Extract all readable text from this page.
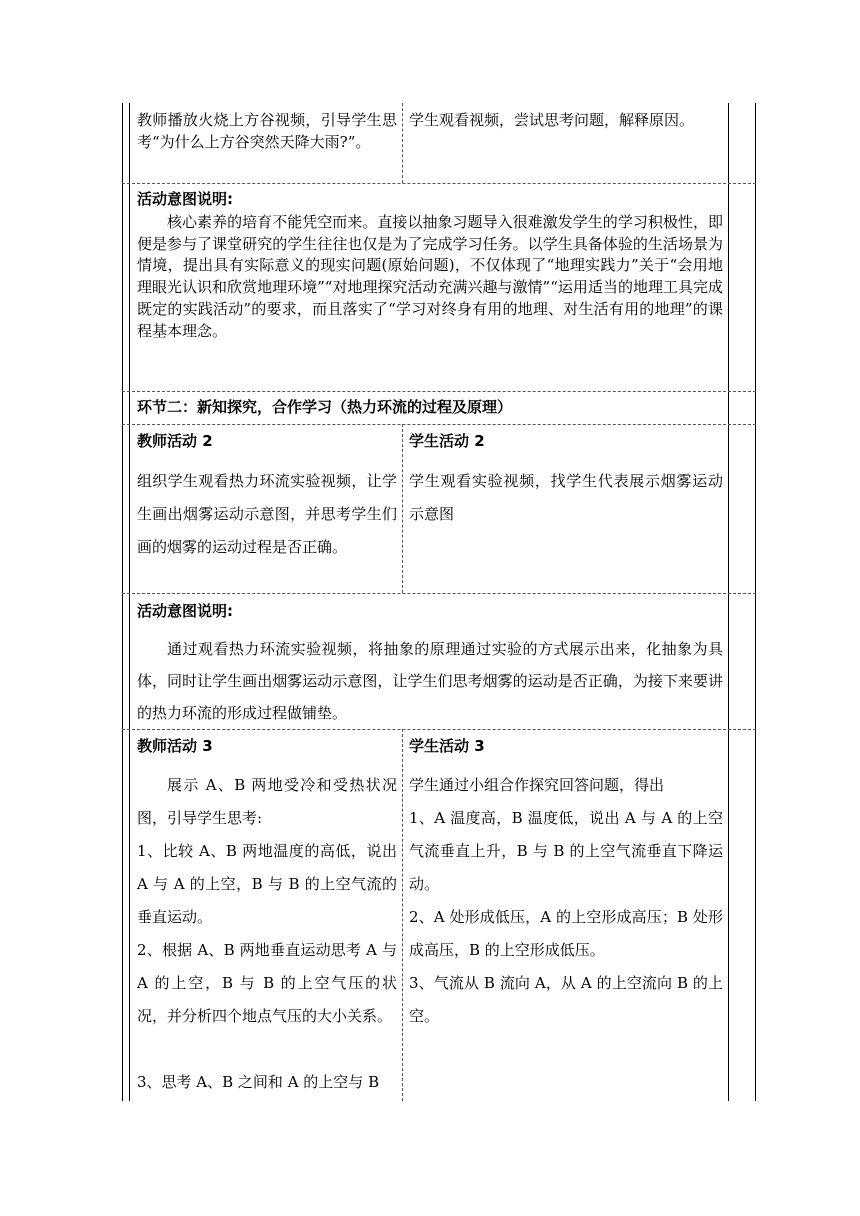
教师播放火烧上方谷视频，引导学生思考“为什么上方谷突然天降大雨?”。
学生观看视频，尝试思考问题，解释原因。
活动意图说明:
核心素养的培育不能凭空而来。直接以抽象习题导入很难激发学生的学习积极性，即便是参与了课堂研究的学生往往也仅是为了完成学习任务。以学生具备体验的生活场景为情境，提出具有实际意义的现实问题(原始问题)，不仅体现了“地理实践力”关于“会用地理眼光认识和欣赏地理环境”“对地理探究活动充满兴趣与激情”“运用适当的地理工具完成既定的实践活动”的要求，而且落实了“学习对终身有用的地理、对生活有用的地理”的课程基本理念。
环节二：新知探究，合作学习（热力环流的过程及原理）
教师活动 2
组织学生观看热力环流实验视频，让学生画出烟雾运动示意图，并思考学生们画的烟雾的运动过程是否正确。
学生活动 2
学生观看实验视频，找学生代表展示烟雾运动示意图
活动意图说明:
通过观看热力环流实验视频，将抽象的原理通过实验的方式展示出来，化抽象为具体，同时让学生画出烟雾运动示意图，让学生们思考烟雾的运动是否正确，为接下来要讲的热力环流的形成过程做铺垫。
教师活动 3
展示 A、B 两地受冷和受热状况图，引导学生思考:
1、比较 A、B 两地温度的高低，说出 A 与 A 的上空，B 与 B 的上空气流的垂直运动。
2、根据 A、B 两地垂直运动思考 A 与 A 的上空，B 与 B 的上空气压的状况，并分析四个地点气压的大小关系。
3、思考 A、B 之间和 A 的上空与 B
学生活动 3
学生通过小组合作探究回答问题，得出
1、A 温度高，B 温度低，说出 A 与 A 的上空气流垂直上升，B 与 B 的上空气流垂直下降运动。
2、A 处形成低压，A 的上空形成高压；B 处形成高压，B 的上空形成低压。
3、气流从 B 流向 A，从 A 的上空流向 B 的上空。
